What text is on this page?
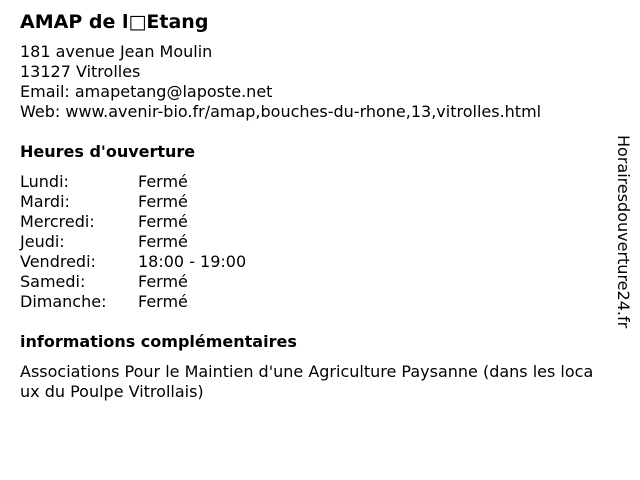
AMAP de l□Etang
181 avenue Jean Moulin
13127 Vitrolles
Email: amapetang@laposte.net
Web: www.avenir-bio.fr/amap,bouches-du-rhone,13,vitrolles.html
Heures d'ouverture
Lundi:	Fermé
Mardi:	Fermé
Mercredi:	Fermé
Jeudi:	Fermé
Vendredi:	18:00 - 19:00
Samedi:	Fermé
Dimanche:	Fermé
informations complémentaires
Associations Pour le Maintien d'une Agriculture Paysanne (dans les locaux du Poulpe Vitrollais)
Horairesdouverture24.fr
